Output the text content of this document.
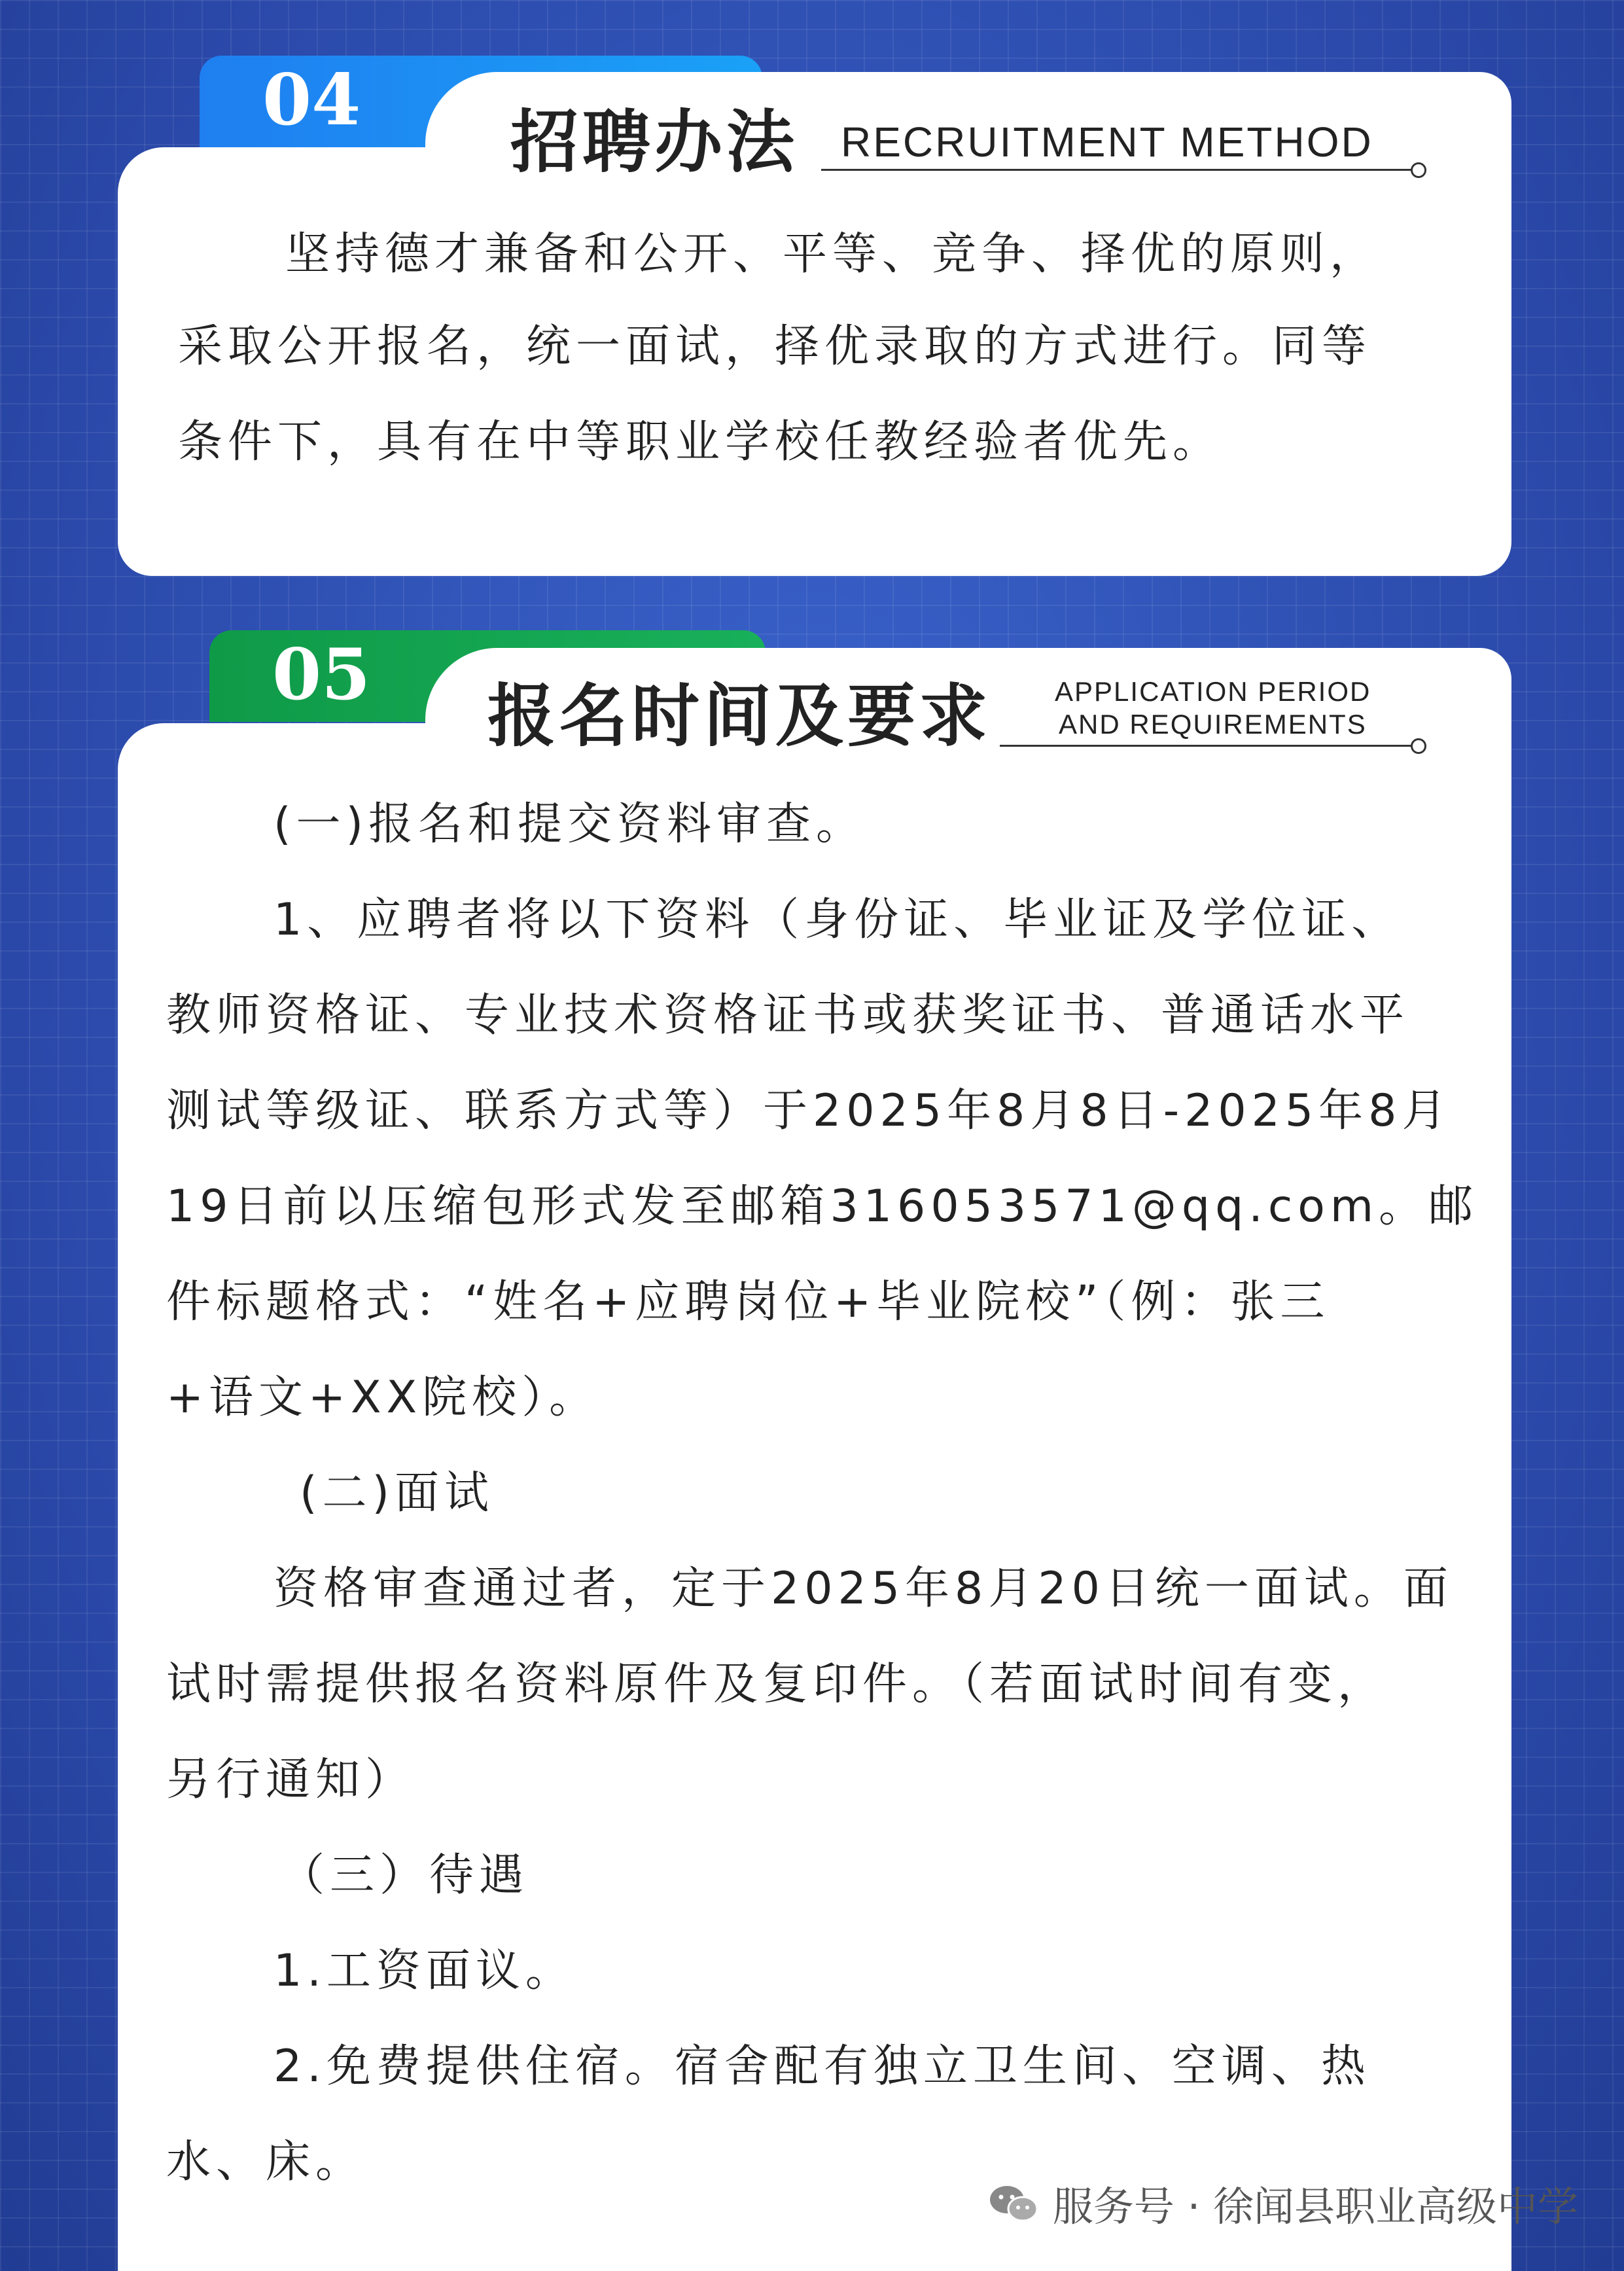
04
招聘办法 RECRUITMENT METHOD
坚持德才兼备和公开、平等、竞争、择优的原则，
采取公开报名，统一面试，择优录取的方式进行。同等
条件下，具有在中等职业学校任教经验者优先。
05 报名时间及要求 APPLICATION PERIOD
AND REQUIREMENTS
(一)报名和提交资料审查。
1、应聘者将以下资料（身份证、毕业证及学位证、
教师资格证、专业技术资格证书或获奖证书、普通话水平
测试等级证、联系方式等）于2025年8月8日-2025年8月
19日前以压缩包形式发至邮箱316053571@qq.com。邮
件标题格式：“姓名+应聘岗位+毕业院校”（例：张三
+语文+XX院校）。
(二)面试
资格审查通过者，定于2025年8月20日统一面试。面
试时需提供报名资料原件及复印件。（若面试时间有变，
另行通知）
（三）待遇
1.工资面议。
2.免费提供住宿。宿舍配有独立卫生间、空调、热
水、床。
服务号 · 徐闻县职业高级中学
